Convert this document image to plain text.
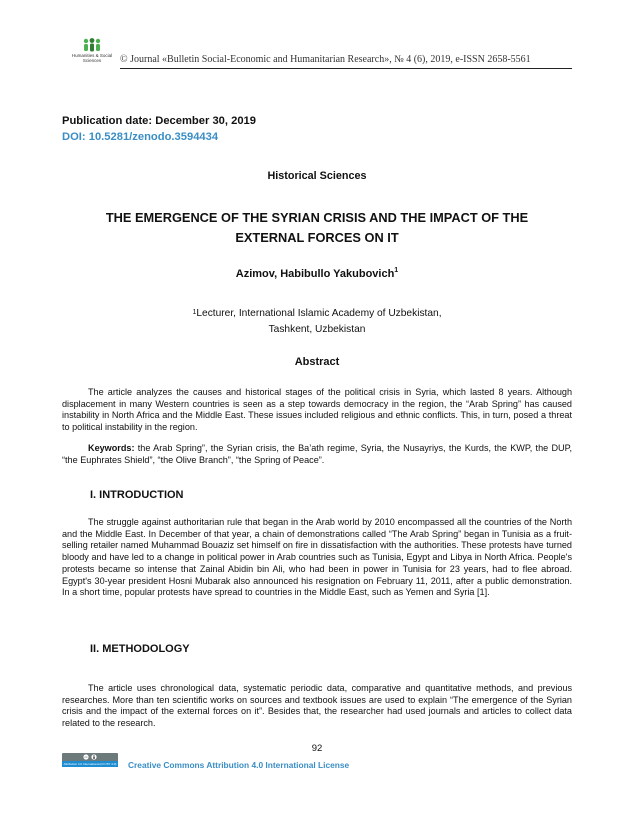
Humanities & Social
Sciences	© Journal «Bulletin Social-Economic and Humanitarian Research», № 4 (6), 2019, e-ISSN 2658-5561
Publication date: December 30, 2019
DOI: 10.5281/zenodo.3594434
Historical Sciences
THE EMERGENCE OF THE SYRIAN CRISIS AND THE IMPACT OF THE
EXTERNAL FORCES ON IT
Azimov, Habibullo Yakubovich$^1$
$^1$Lecturer, International Islamic Academy of Uzbekistan,
Tashkent, Uzbekistan
Abstract

The article analyzes the causes and historical stages of the political crisis in Syria, which lasted 8 years. Although displacement in many Western countries is seen as a step towards democracy in the region, the “Arab Spring” has caused instability in North Africa and the Middle East. These issues included religious and ethnic conflicts. This, in turn, posed a threat to political instability in the region.

Keywords: the Arab Spring”, the Syrian crisis, the Ba’ath regime, Syria, the Nusayriys, the Kurds, the KWP, the DUP, “the Euphrates Shield”, “the Olive Branch”, “the Spring of Peace”.

I. INTRODUCTION

The struggle against authoritarian rule that began in the Arab world by 2010 encompassed all the countries of the North and the Middle East. In December of that year, a chain of demonstrations called “The Arab Spring” began in Tunisia as a fruit-selling retailer named Muhammad Bouaziz set himself on fire in dissatisfaction with the authorities. These protests have turned bloody and have led to a change in political power in Arab countries such as Tunisia, Egypt and Libya in North Africa. People's protests became so intense that Zainal Abidin bin Ali, who had been in power in Tunisia for 23 years, had to flee abroad. Egypt's 30-year president Hosni Mubarak also announced his resignation on February 11, 2011, after a public demonstration. In a short time, popular protests have spread to countries in the Middle East, such as Yemen and Syria [1].

II. METHODOLOGY

The article uses chronological data, systematic periodic data, comparative and quantitative methods, and previous researches. More than ten scientific works on sources and textbook issues are used to explain “The emergence of the Syrian crisis and the impact of the external forces on it”. Besides that, the researcher had used journals and articles to collect data related to the research.

92
cc
Attribution 4.0 International (CC BY 4.0) Creative Commons Attribution 4.0 International License
